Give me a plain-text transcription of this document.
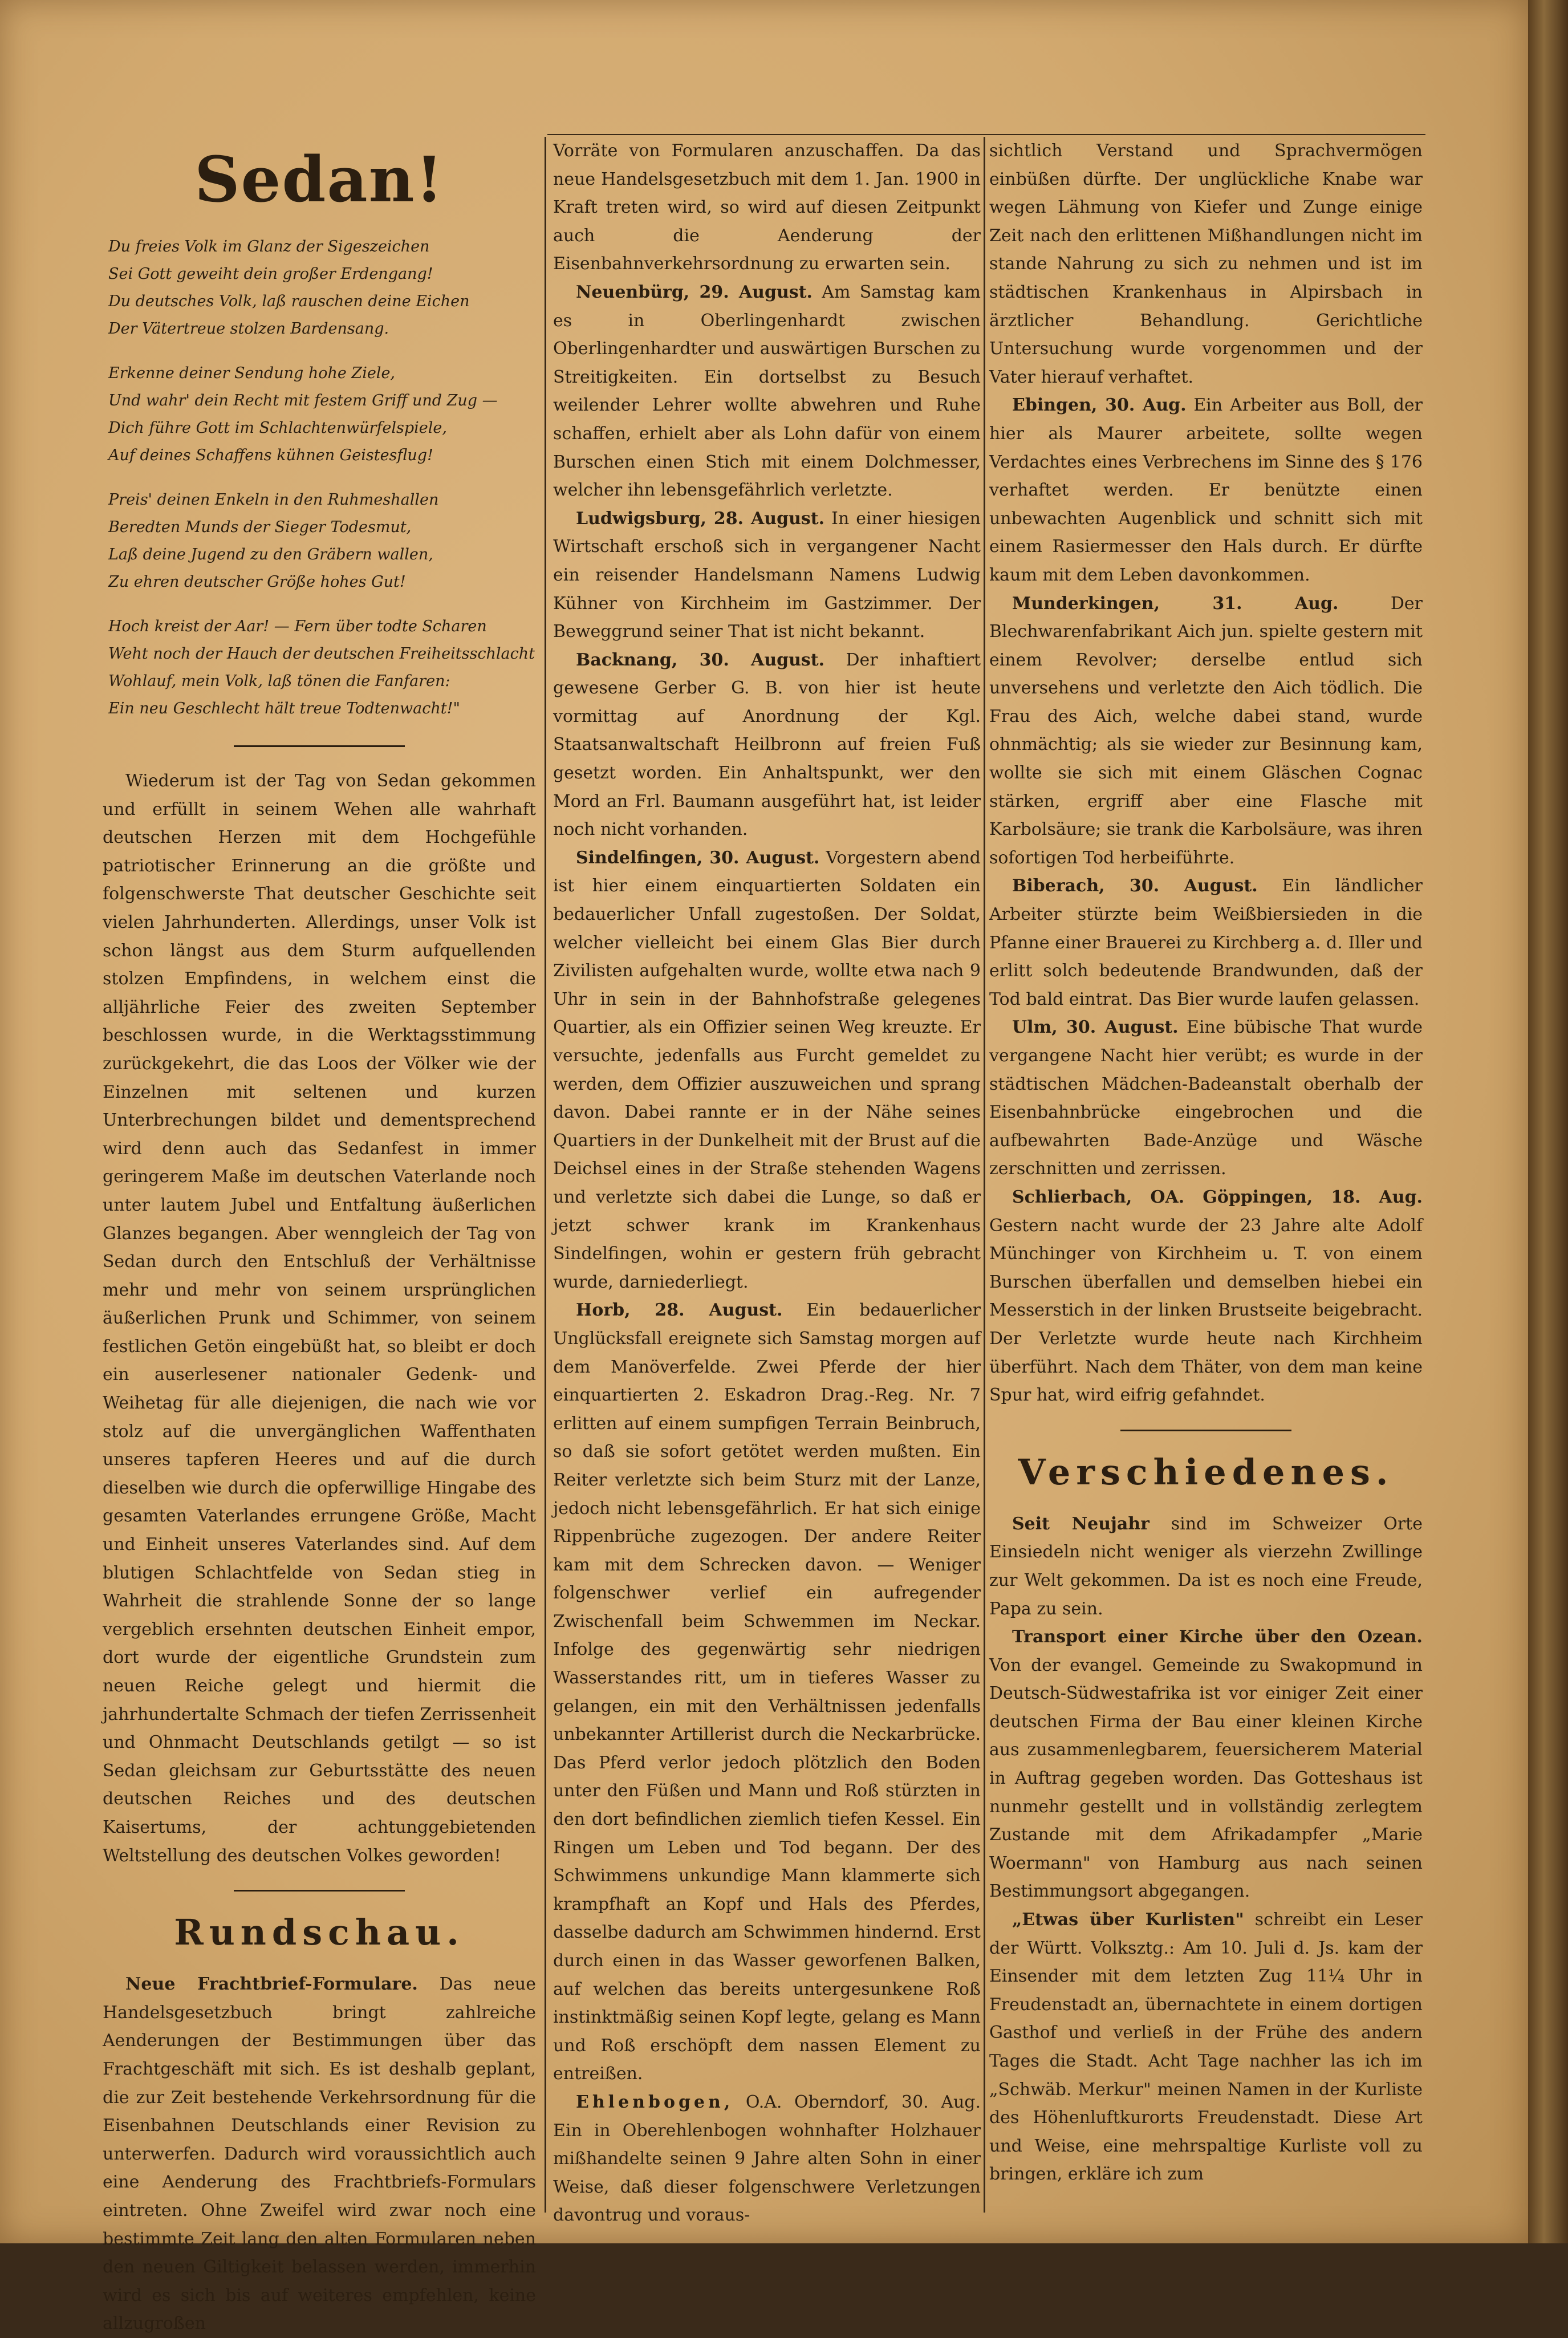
Sedan!
Du freies Volk im Glanz der Sigeszeichen
Sei Gott geweiht dein großer Erdengang!
Du deutsches Volk, laß rauschen deine Eichen
Der Vätertreue stolzen Bardensang.
Erkenne deiner Sendung hohe Ziele,
Und wahr' dein Recht mit festem Griff und Zug —
Dich führe Gott im Schlachtenwürfelspiele,
Auf deines Schaffens kühnen Geistesflug!
Preis' deinen Enkeln in den Ruhmeshallen
Beredten Munds der Sieger Todesmut,
Laß deine Jugend zu den Gräbern wallen,
Zu ehren deutscher Größe hohes Gut!
Hoch kreist der Aar! — Fern über todte Scharen
Weht noch der Hauch der deutschen Freiheitsschlacht
Wohlauf, mein Volk, laß tönen die Fanfaren:
Ein neu Geschlecht hält treue Todtenwacht!"

Wiederum ist der Tag von Sedan gekommen und erfüllt in seinem Wehen alle wahrhaft deutschen Herzen mit dem Hochgefühle patriotischer Erinnerung an die größte und folgenschwerste That deutscher Geschichte seit vielen Jahrhunderten. Allerdings, unser Volk ist schon längst aus dem Sturm aufquellenden stolzen Empfindens, in welchem einst die alljährliche Feier des zweiten September beschlossen wurde, in die Werktagsstimmung zurückgekehrt, die das Loos der Völker wie der Einzelnen mit seltenen und kurzen Unterbrechungen bildet und dementsprechend wird denn auch das Sedanfest in immer geringerem Maße im deutschen Vaterlande noch unter lautem Jubel und Entfaltung äußerlichen Glanzes begangen. Aber wenngleich der Tag von Sedan durch den Entschluß der Verhältnisse mehr und mehr von seinem ursprünglichen äußerlichen Prunk und Schimmer, von seinem festlichen Getön eingebüßt hat, so bleibt er doch ein auserlesener nationaler Gedenk- und Weihetag für alle diejenigen, die nach wie vor stolz auf die unvergänglichen Waffenthaten unseres tapferen Heeres und auf die durch dieselben wie durch die opferwillige Hingabe des gesamten Vaterlandes errungene Größe, Macht und Einheit unseres Vaterlandes sind. Auf dem blutigen Schlachtfelde von Sedan stieg in Wahrheit die strahlende Sonne der so lange vergeblich ersehnten deutschen Einheit empor, dort wurde der eigentliche Grundstein zum neuen Reiche gelegt und hiermit die jahrhundertalte Schmach der tiefen Zerrissenheit und Ohnmacht Deutschlands getilgt — so ist Sedan gleichsam zur Geburtsstätte des neuen deutschen Reiches und des deutschen Kaisertums, der achtunggebietenden Weltstellung des deutschen Volkes geworden!

Rundschau.

Neue Frachtbrief-Formulare. Das neue Handelsgesetzbuch bringt zahlreiche Aenderungen der Bestimmungen über das Frachtgeschäft mit sich. Es ist deshalb geplant, die zur Zeit bestehende Verkehrsordnung für die Eisenbahnen Deutschlands einer Revision zu unterwerfen. Dadurch wird voraussichtlich auch eine Aenderung des Frachtbriefs-Formulars eintreten. Ohne Zweifel wird zwar noch eine bestimmte Zeit lang den alten Formularen neben den neuen Giltigkeit belassen werden, immerhin wird es sich bis auf weiteres empfehlen, keine allzugroßen

Vorräte von Formularen anzuschaffen. Da das neue Handelsgesetzbuch mit dem 1. Jan. 1900 in Kraft treten wird, so wird auf diesen Zeitpunkt auch die Aenderung der Eisenbahnverkehrsordnung zu erwarten sein.

Neuenbürg, 29. August. Am Samstag kam es in Oberlingenhardt zwischen Oberlingenhardter und auswärtigen Burschen zu Streitigkeiten. Ein dortselbst zu Besuch weilender Lehrer wollte abwehren und Ruhe schaffen, erhielt aber als Lohn dafür von einem Burschen einen Stich mit einem Dolchmesser, welcher ihn lebensgefährlich verletzte.

Ludwigsburg, 28. August. In einer hiesigen Wirtschaft erschoß sich in vergangener Nacht ein reisender Handelsmann Namens Ludwig Kühner von Kirchheim im Gastzimmer. Der Beweggrund seiner That ist nicht bekannt.

Backnang, 30. August. Der inhaftiert gewesene Gerber G. B. von hier ist heute vormittag auf Anordnung der Kgl. Staatsanwaltschaft Heilbronn auf freien Fuß gesetzt worden. Ein Anhaltspunkt, wer den Mord an Frl. Baumann ausgeführt hat, ist leider noch nicht vorhanden.

Sindelfingen, 30. August. Vorgestern abend ist hier einem einquartierten Soldaten ein bedauerlicher Unfall zugestoßen. Der Soldat, welcher vielleicht bei einem Glas Bier durch Zivilisten aufgehalten wurde, wollte etwa nach 9 Uhr in sein in der Bahnhofstraße gelegenes Quartier, als ein Offizier seinen Weg kreuzte. Er versuchte, jedenfalls aus Furcht gemeldet zu werden, dem Offizier auszuweichen und sprang davon. Dabei rannte er in der Nähe seines Quartiers in der Dunkelheit mit der Brust auf die Deichsel eines in der Straße stehenden Wagens und verletzte sich dabei die Lunge, so daß er jetzt schwer krank im Krankenhaus Sindelfingen, wohin er gestern früh gebracht wurde, darniederliegt.

Horb, 28. August. Ein bedauerlicher Unglücksfall ereignete sich Samstag morgen auf dem Manöverfelde. Zwei Pferde der hier einquartierten 2. Eskadron Drag.-Reg. Nr. 7 erlitten auf einem sumpfigen Terrain Beinbruch, so daß sie sofort getötet werden mußten. Ein Reiter verletzte sich beim Sturz mit der Lanze, jedoch nicht lebensgefährlich. Er hat sich einige Rippenbrüche zugezogen. Der andere Reiter kam mit dem Schrecken davon. — Weniger folgenschwer verlief ein aufregender Zwischenfall beim Schwemmen im Neckar. Infolge des gegenwärtig sehr niedrigen Wasserstandes ritt, um in tieferes Wasser zu gelangen, ein mit den Verhältnissen jedenfalls unbekannter Artillerist durch die Neckarbrücke. Das Pferd verlor jedoch plötzlich den Boden unter den Füßen und Mann und Roß stürzten in den dort befindlichen ziemlich tiefen Kessel. Ein Ringen um Leben und Tod begann. Der des Schwimmens unkundige Mann klammerte sich krampfhaft an Kopf und Hals des Pferdes, dasselbe dadurch am Schwimmen hindernd. Erst durch einen in das Wasser geworfenen Balken, auf welchen das bereits untergesunkene Roß instinktmäßig seinen Kopf legte, gelang es Mann und Roß erschöpft dem nassen Element zu entreißen.

Ehlenbogen, O.A. Oberndorf, 30. Aug. Ein in Oberehlenbogen wohnhafter Holzhauer mißhandelte seinen 9 Jahre alten Sohn in einer Weise, daß dieser folgenschwere Verletzungen davontrug und voraus-

sichtlich Verstand und Sprachvermögen einbüßen dürfte. Der unglückliche Knabe war wegen Lähmung von Kiefer und Zunge einige Zeit nach den erlittenen Mißhandlungen nicht im stande Nahrung zu sich zu nehmen und ist im städtischen Krankenhaus in Alpirsbach in ärztlicher Behandlung. Gerichtliche Untersuchung wurde vorgenommen und der Vater hierauf verhaftet.

Ebingen, 30. Aug. Ein Arbeiter aus Boll, der hier als Maurer arbeitete, sollte wegen Verdachtes eines Verbrechens im Sinne des § 176 verhaftet werden. Er benützte einen unbewachten Augenblick und schnitt sich mit einem Rasiermesser den Hals durch. Er dürfte kaum mit dem Leben davonkommen.

Munderkingen, 31. Aug. Der Blechwarenfabrikant Aich jun. spielte gestern mit einem Revolver; derselbe entlud sich unversehens und verletzte den Aich tödlich. Die Frau des Aich, welche dabei stand, wurde ohnmächtig; als sie wieder zur Besinnung kam, wollte sie sich mit einem Gläschen Cognac stärken, ergriff aber eine Flasche mit Karbolsäure; sie trank die Karbolsäure, was ihren sofortigen Tod herbeiführte.

Biberach, 30. August. Ein ländlicher Arbeiter stürzte beim Weißbiersieden in die Pfanne einer Brauerei zu Kirchberg a. d. Iller und erlitt solch bedeutende Brandwunden, daß der Tod bald eintrat. Das Bier wurde laufen gelassen.

Ulm, 30. August. Eine bübische That wurde vergangene Nacht hier verübt; es wurde in der städtischen Mädchen-Badeanstalt oberhalb der Eisenbahnbrücke eingebrochen und die aufbewahrten Bade-Anzüge und Wäsche zerschnitten und zerrissen.

Schlierbach, OA. Göppingen, 18. Aug. Gestern nacht wurde der 23 Jahre alte Adolf Münchinger von Kirchheim u. T. von einem Burschen überfallen und demselben hiebei ein Messerstich in der linken Brustseite beigebracht. Der Verletzte wurde heute nach Kirchheim überführt. Nach dem Thäter, von dem man keine Spur hat, wird eifrig gefahndet.

Verschiedenes.

Seit Neujahr sind im Schweizer Orte Einsiedeln nicht weniger als vierzehn Zwillinge zur Welt gekommen. Da ist es noch eine Freude, Papa zu sein.

Transport einer Kirche über den Ozean. Von der evangel. Gemeinde zu Swakopmund in Deutsch-Südwestafrika ist vor einiger Zeit einer deutschen Firma der Bau einer kleinen Kirche aus zusammenlegbarem, feuersicherem Material in Auftrag gegeben worden. Das Gotteshaus ist nunmehr gestellt und in vollständig zerlegtem Zustande mit dem Afrikadampfer „Marie Woermann" von Hamburg aus nach seinen Bestimmungsort abgegangen.

„Etwas über Kurlisten" schreibt ein Leser der Württ. Volksztg.: Am 10. Juli d. Js. kam der Einsender mit dem letzten Zug 11¼ Uhr in Freudenstadt an, übernachtete in einem dortigen Gasthof und verließ in der Frühe des andern Tages die Stadt. Acht Tage nachher las ich im „Schwäb. Merkur" meinen Namen in der Kurliste des Höhenluftkurorts Freudenstadt. Diese Art und Weise, eine mehrspaltige Kurliste voll zu bringen, erkläre ich zum
